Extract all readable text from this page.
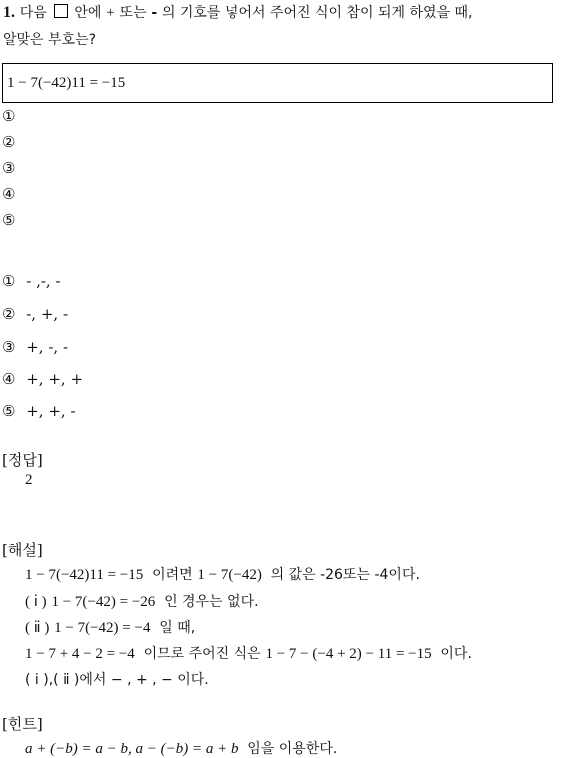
1. 다음 안에 + 또는 - 의 기호를 넣어서 주어진 식이 참이 되게 하였을 때,
알맞은 부호는?
1 − 7(−42)11 = −15
①
②
③
④
⑤
① - ,-, -
② -, +, -
③ +, -, -
④ +, +, +
⑤ +, +, -
[정답]
2
[해설]
1 − 7(−42)11 = −15 이려면 1 − 7(−42) 의 값은 -26또는 -4이다.
( ⅰ ) 1 − 7(−42) = −26 인 경우는 없다.
( ⅱ ) 1 − 7(−42) = −4 일 때,
1 − 7 + 4 − 2 = −4 이므로 주어진 식은 1 − 7 − (−4 + 2) − 11 = −15 이다.
( ⅰ ),( ⅱ )에서 − , + , − 이다.
[힌트]
a + (−b) = a − b, a − (−b) = a + b 임을 이용한다.
